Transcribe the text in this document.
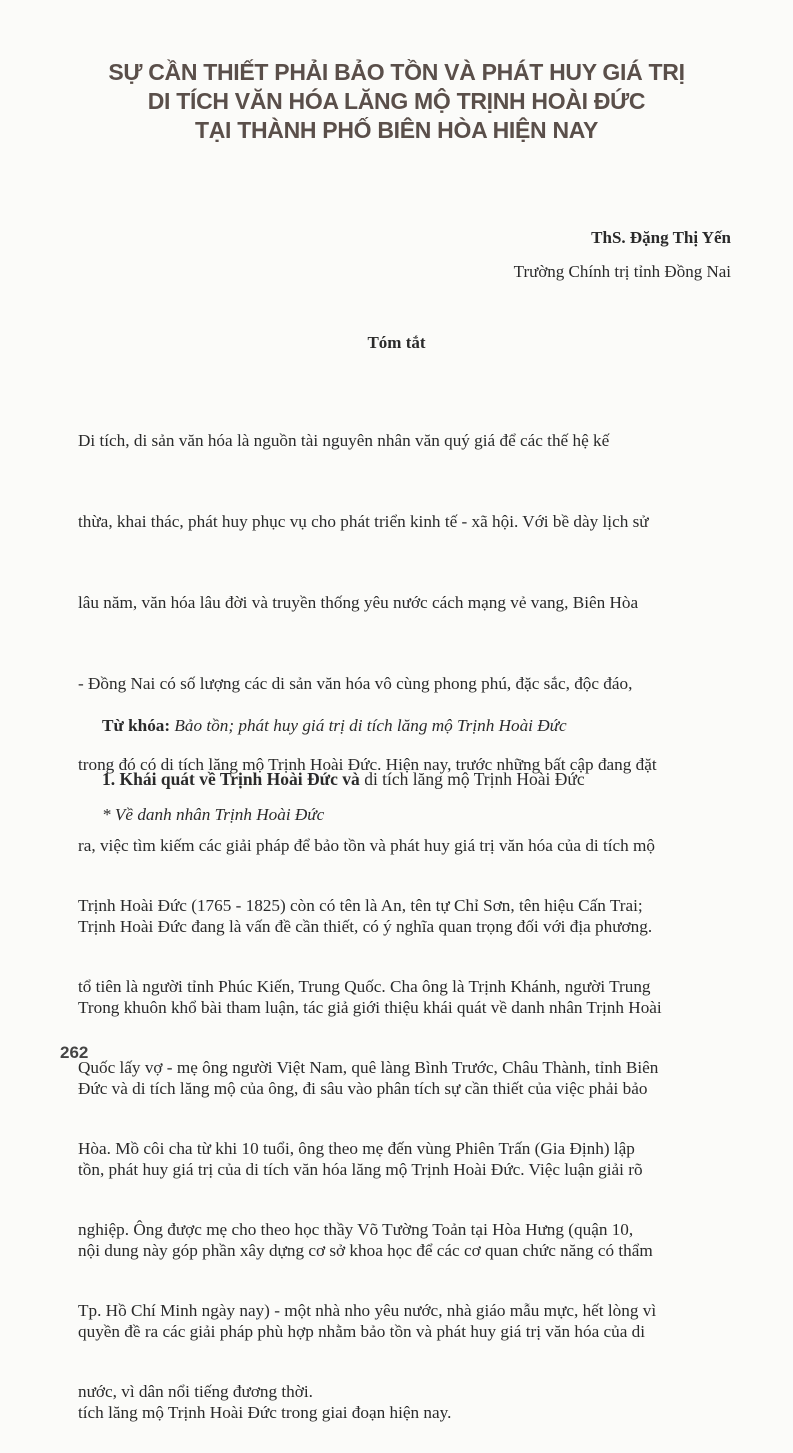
SỰ CẦN THIẾT PHẢI BẢO TỒN VÀ PHÁT HUY GIÁ TRỊ
DI TÍCH VĂN HÓA LĂNG MỘ TRỊNH HOÀI ĐỨC
TẠI THÀNH PHỐ BIÊN HÒA HIỆN NAY
ThS. Đặng Thị Yến
Trường Chính trị tỉnh Đồng Nai
Tóm tắt

Di tích, di sản văn hóa là nguồn tài nguyên nhân văn quý giá để các thế hệ kế

thừa, khai thác, phát huy phục vụ cho phát triển kinh tế - xã hội. Với bề dày lịch sử

lâu năm, văn hóa lâu đời và truyền thống yêu nước cách mạng vẻ vang, Biên Hòa

- Đồng Nai có số lượng các di sản văn hóa vô cùng phong phú, đặc sắc, độc đáo,

trong đó có di tích lăng mộ Trịnh Hoài Đức. Hiện nay, trước những bất cập đang đặt

ra, việc tìm kiếm các giải pháp để bảo tồn và phát huy giá trị văn hóa của di tích mộ

Trịnh Hoài Đức đang là vấn đề cần thiết, có ý nghĩa quan trọng đối với địa phương.

Trong khuôn khổ bài tham luận, tác giả giới thiệu khái quát về danh nhân Trịnh Hoài

Đức và di tích lăng mộ của ông, đi sâu vào phân tích sự cần thiết của việc phải bảo

tồn, phát huy giá trị của di tích văn hóa lăng mộ Trịnh Hoài Đức. Việc luận giải rõ

nội dung này góp phần xây dựng cơ sở khoa học để các cơ quan chức năng có thẩm

quyền đề ra các giải pháp phù hợp nhằm bảo tồn và phát huy giá trị văn hóa của di

tích lăng mộ Trịnh Hoài Đức trong giai đoạn hiện nay.

Từ khóa: Bảo tồn; phát huy giá trị di tích lăng mộ Trịnh Hoài Đức
1. Khái quát về Trịnh Hoài Đức và di tích lăng mộ Trịnh Hoài Đức
* Về danh nhân Trịnh Hoài Đức

Trịnh Hoài Đức (1765 - 1825) còn có tên là An, tên tự Chỉ Sơn, tên hiệu Cấn Trai;

tổ tiên là người tỉnh Phúc Kiến, Trung Quốc. Cha ông là Trịnh Khánh, người Trung

Quốc lấy vợ - mẹ ông người Việt Nam, quê làng Bình Trước, Châu Thành, tỉnh Biên

Hòa. Mồ côi cha từ khi 10 tuổi, ông theo mẹ đến vùng Phiên Trấn (Gia Định) lập

nghiệp. Ông được mẹ cho theo học thầy Võ Tường Toản tại Hòa Hưng (quận 10,

Tp. Hồ Chí Minh ngày nay) - một nhà nho yêu nước, nhà giáo mẫu mực, hết lòng vì

nước, vì dân nổi tiếng đương thời.

262
